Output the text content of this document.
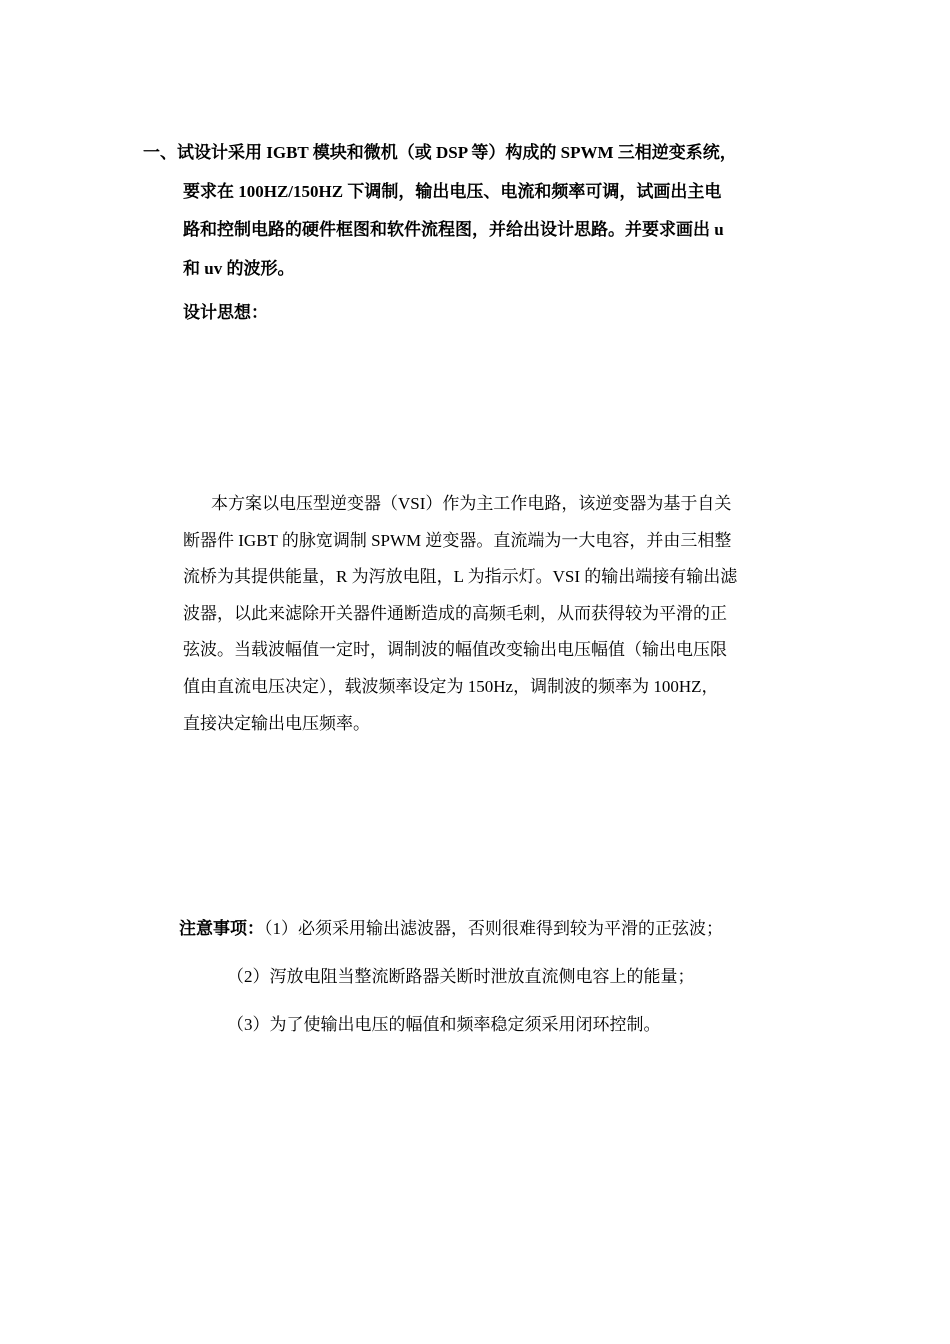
一、试设计采用 IGBT 模块和微机（或 DSP 等）构成的 SPWM 三相逆变系统，
要求在 100HZ/150HZ 下调制，输出电压、电流和频率可调，试画出主电
路和控制电路的硬件框图和软件流程图，并给出设计思路。并要求画出 u
和 uv 的波形。
设计思想：
本方案以电压型逆变器（VSI）作为主工作电路，该逆变器为基于自关
断器件 IGBT 的脉宽调制 SPWM 逆变器。直流端为一大电容，并由三相整
流桥为其提供能量，R 为泻放电阻，L 为指示灯。VSI 的输出端接有输出滤
波器，以此来滤除开关器件通断造成的高频毛刺，从而获得较为平滑的正
弦波。当载波幅值一定时，调制波的幅值改变输出电压幅值（输出电压限
值由直流电压决定），载波频率设定为 150Hz，调制波的频率为 100HZ，
直接决定输出电压频率。
注意事项：（1）必须采用输出滤波器，否则很难得到较为平滑的正弦波；
（2）泻放电阻当整流断路器关断时泄放直流侧电容上的能量；
（3）为了使输出电压的幅值和频率稳定须采用闭环控制。
